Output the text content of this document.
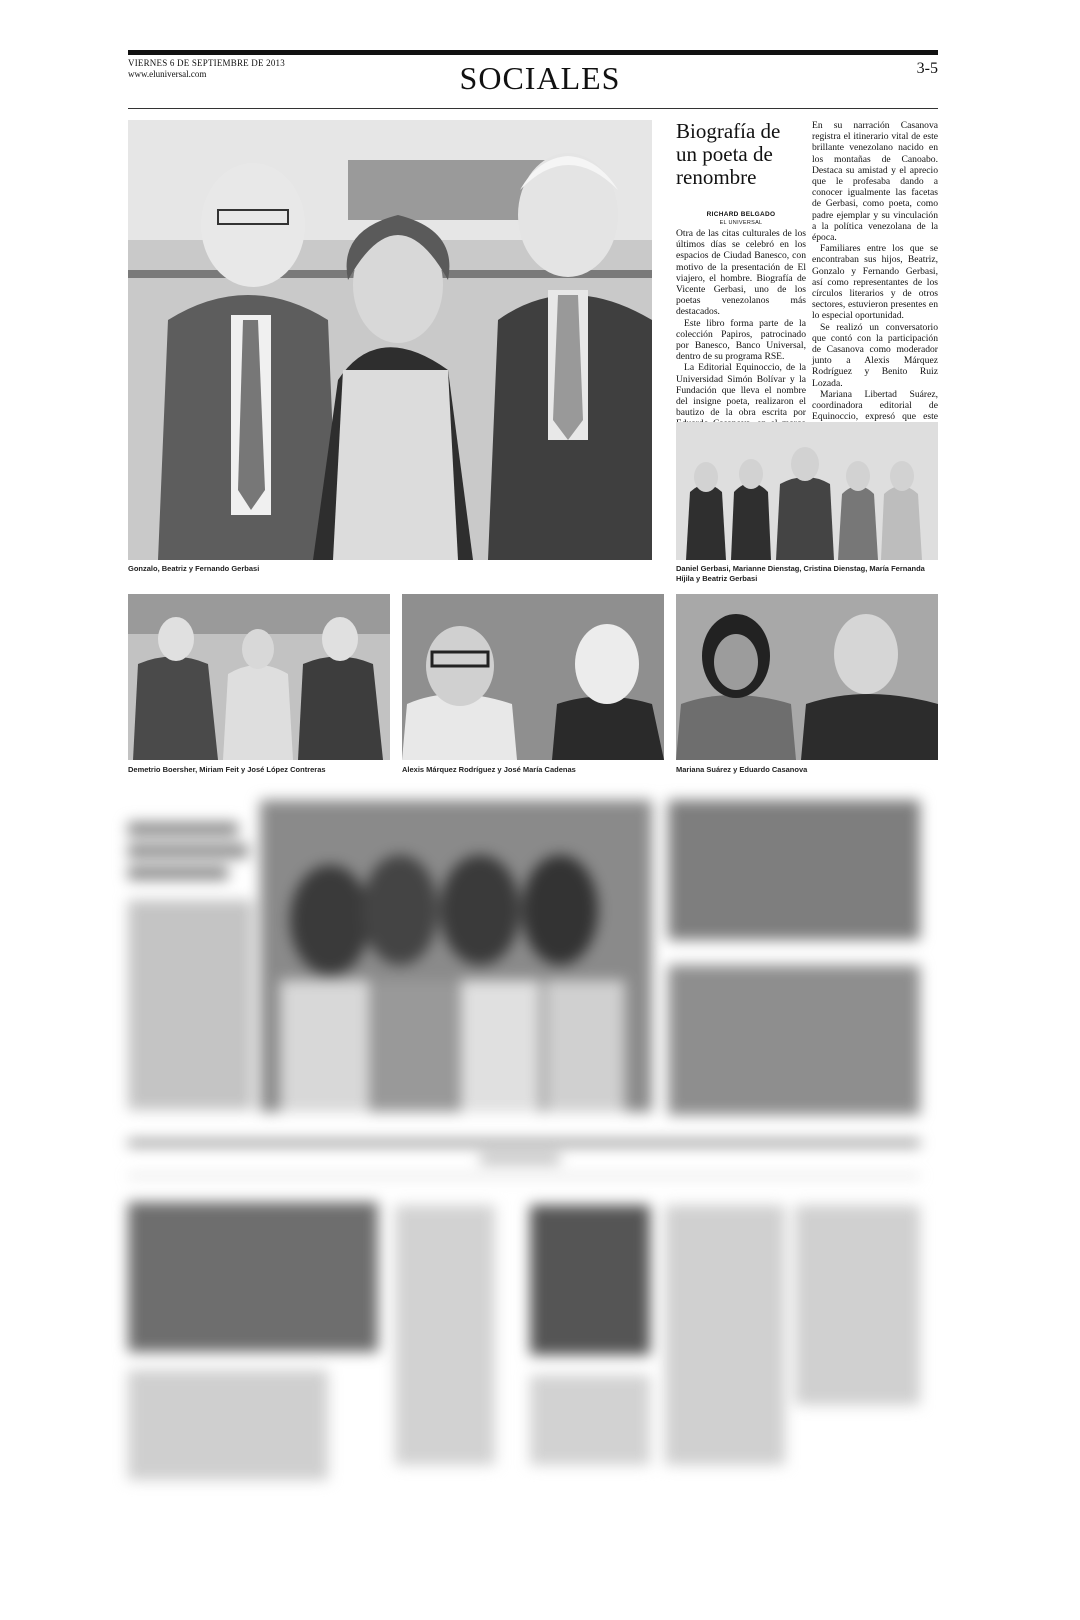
VIERNES 6 DE SEPTIEMBRE DE 2013
www.eluniversal.com	SOCIALES	3-5
Gonzalo, Beatriz y Fernando Gerbasi
Biografía de un poeta de renombre
RICHARD BELGADO
EL UNIVERSAL

Otra de las citas culturales de los últimos días se celebró en los espacios de Ciudad Banesco, con motivo de la presentación de El viajero, el hombre. Biografía de Vicente Gerbasi, uno de los poetas venezolanos más destacados.

Este libro forma parte de la colección Papiros, patrocinado por Banesco, Banco Universal, dentro de su programa RSE.

La Editorial Equinoccio, de la Universidad Simón Bolívar y la Fundación que lleva el nombre del insigne poeta, realizaron el bautizo de la obra escrita por

En su narración Casanova registra el itinerario vital de este brillante venezolano nacido en los montañas de Canoabo. Destaca su amistad y el aprecio que le profesaba dando a conocer igualmente las facetas de Gerbasi, como poeta, como padre ejemplar y su vinculación a la política venezolana de la época.

Familiares entre los que se encontraban sus hijos, Beatriz, Gonzalo y Fernando Gerbasi, así como representantes de los círculos literarios y de otros sectores, estuvieron presentes en lo especial oportunidad.

Se realizó un conversatorio que contó con la participación de Casanova como moderador junto a Alexis Márquez Rodríguez y Benito Ruiz Lozada.

Mariana Libertad Suárez, coordinadora editorial de Equinoccio, expresó que este

Daniel Gerbasi, Marianne Dienstag, Cristina Dienstag, María Fernanda Híjila y Beatriz Gerbasi
Demetrio Boersher, Miriam Feit y José López Contreras	Alexis Márquez Rodríguez y José María Cadenas	Mariana Suárez y Eduardo Casanova
